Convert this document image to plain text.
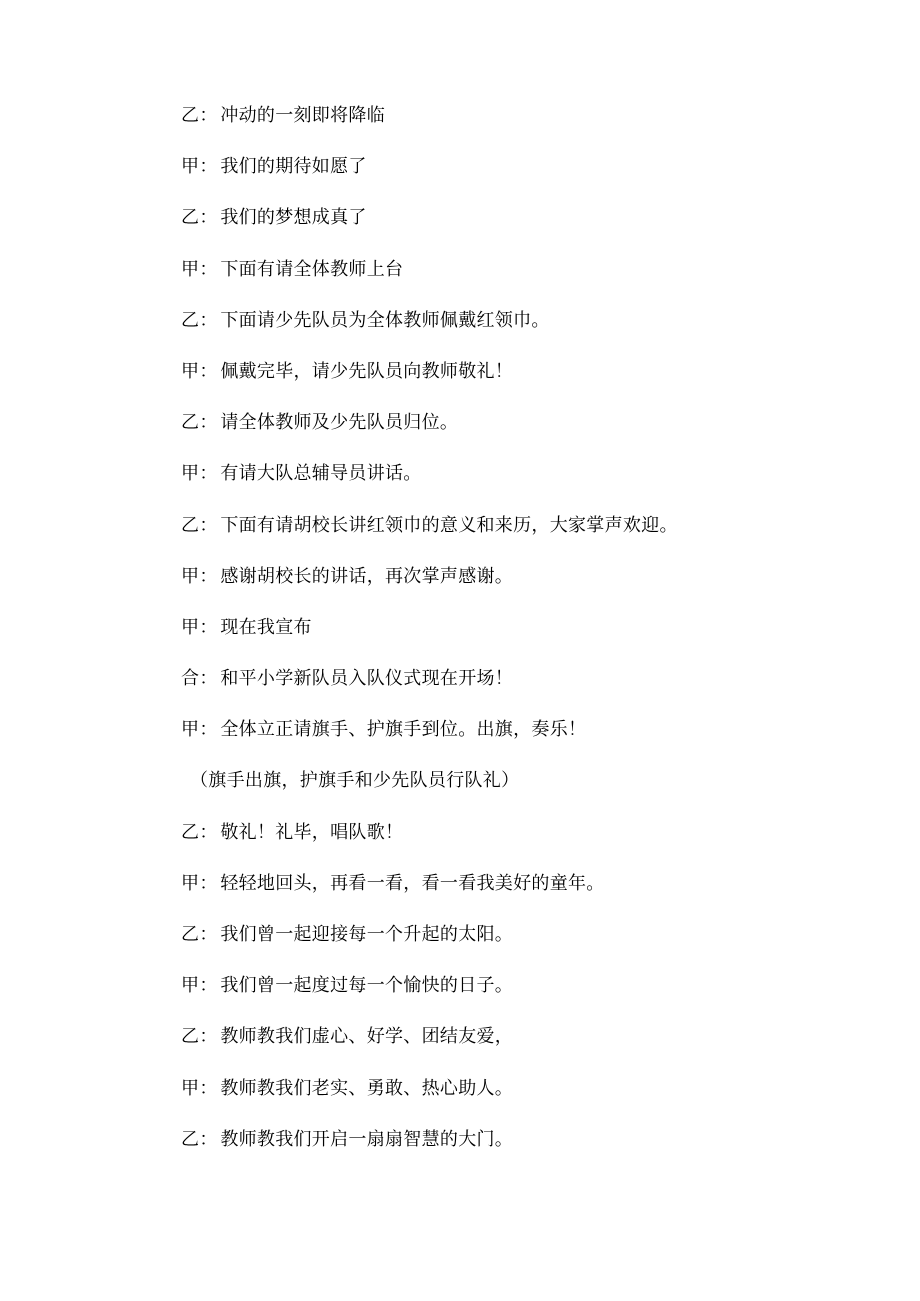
乙 ： 冲动的一刻即将降临
甲 ： 我们的期待如愿了
乙 ： 我们的梦想成真了
甲 ： 下面有请全体教师上台
乙 ： 下面请少先队员为全体教师佩戴红领巾。
甲 ： 佩戴完毕，请少先队员向教师敬礼！
乙 ： 请全体教师及少先队员归位。
甲 ： 有请大队总辅导员讲话。
乙 ： 下面有请胡校长讲红领巾的意义和来历，大家掌声欢迎。
甲 ： 感谢胡校长的讲话，再次掌声感谢。
甲 ： 现在我宣布
合 ： 和平小学新队员入队仪式现在开场！
甲 ： 全体立正请旗手、护旗手到位。出旗，奏乐！
（旗手出旗，护旗手和少先队员行队礼）
乙 ： 敬礼！礼毕，唱队歌！
甲 ： 轻轻地回头，再看一看，看一看我美好的童年。
乙 ： 我们曾一起迎接每一个升起的太阳。
甲 ： 我们曾一起度过每一个愉快的日子。
乙 ： 教师教我们虚心、好学、团结友爱，
甲 ： 教师教我们老实、勇敢、热心助人。
乙 ： 教师教我们开启一扇扇智慧的大门。
